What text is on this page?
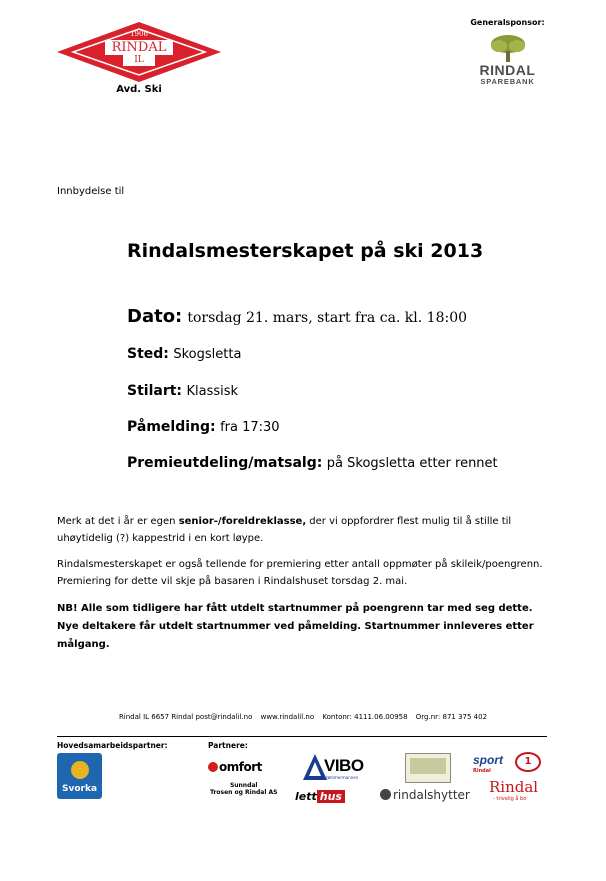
1906
RINDAL
IL
Avd. Ski
Generalsponsor:
RINDAL
SPAREBANK
Innbydelse til
Rindalsmesterskapet på ski 2013
Dato: torsdag 21. mars, start fra ca. kl. 18:00
Sted: Skogsletta
Stilart: Klassisk
Påmelding: fra 17:30
Premieutdeling/matsalg: på Skogsletta etter rennet
Merk at det i år er egen senior-/foreldreklasse, der vi oppfordrer flest mulig til å stille til uhøytidelig (?) kappestrid i en kort løype.
Rindalsmesterskapet er også tellende for premiering etter antall oppmøter på skileik/poengrenn. Premiering for dette vil skje på basaren i Rindalshuset torsdag 2. mai.
NB! Alle som tidligere har fått utdelt startnummer på poengrenn tar med seg dette. Nye deltakere får utdelt startnummer ved påmelding. Startnummer innleveres etter målgang.
Rindal IL 6657 Rindal post@rindalil.no www.rindalil.no Kontonr: 4111.06.00958 Org.nr: 871 375 402
Hovedsamarbeidspartner:	Partnere:
Svorka
omfort
Sunndal
Trosen og Rindal AS
VIBO
tømmermannen
lett hus	rindalshytter
sport	1
Rindal
Rindal
- trivelig å bo
